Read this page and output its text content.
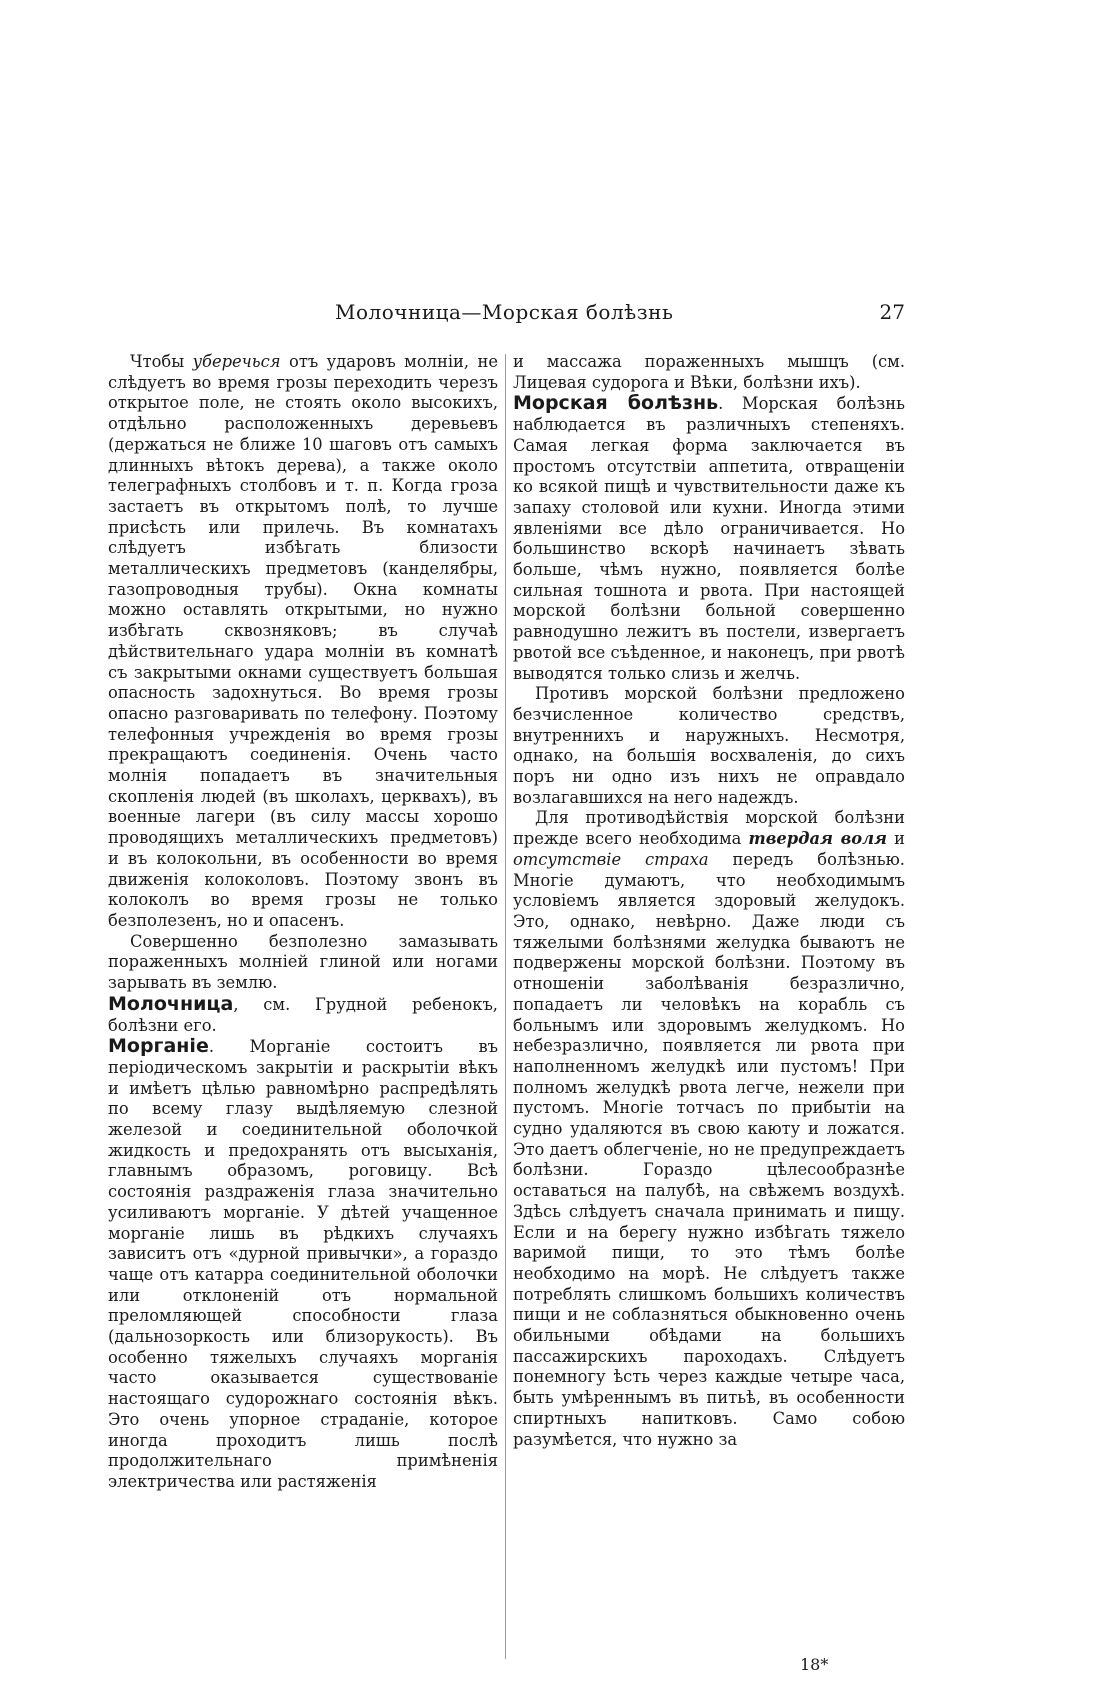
Молочница—Морская болѣзнь	27

Чтобы уберечься отъ ударовъ молніи, не слѣдуетъ во время грозы переходить черезъ открытое поле, не стоять около высокихъ, отдѣльно расположенныхъ деревьевъ (держаться не ближе 10 шаговъ отъ самыхъ длинныхъ вѣтокъ дерева), а также около телеграфныхъ столбовъ и т. п. Когда гроза застаетъ въ открытомъ полѣ, то лучше присѣсть или прилечь. Въ комнатахъ слѣдуетъ избѣгать близости металлическихъ предметовъ (канделябры, газопроводныя трубы). Окна комнаты можно оставлять открытыми, но нужно избѣгать сквозняковъ; въ случаѣ дѣйствительнаго удара молніи въ комнатѣ съ закрытыми окнами существуетъ большая опасность задохнуться. Во время грозы опасно разговаривать по телефону. Поэтому телефонныя учрежденія во время грозы прекращаютъ соединенія. Очень часто молнія попадаетъ въ значительныя скопленія людей (въ школахъ, церквахъ), въ военные лагери (въ силу массы хорошо проводящихъ металлическихъ предметовъ) и въ колокольни, въ особенности во время движенія колоколовъ. Поэтому звонъ въ колоколъ во время грозы не только безполезенъ, но и опасенъ.

Совершенно безполезно замазывать пораженныхъ молніей глиной или ногами зарывать въ землю.

Молочница, см. Грудной ребенокъ, болѣзни его.

Морганіе. Морганіе состоитъ въ періодическомъ закрытіи и раскрытіи вѣкъ и имѣетъ цѣлью равномѣрно распредѣлять по всему глазу выдѣляемую слезной железой и соединительной оболочкой жидкость и предохранять отъ высыханія, главнымъ образомъ, роговицу. Всѣ состоянія раздраженія глаза значительно усиливаютъ морганіе. У дѣтей учащенное морганіе лишь въ рѣдкихъ случаяхъ зависитъ отъ «дурной привычки», а гораздо чаще отъ катарра соединительной оболочки или отклоненій отъ нормальной преломляющей способности глаза (дальнозоркость или близорукость). Въ особенно тяжелыхъ случаяхъ морганія часто оказывается существованіе настоящаго судорожнаго состоянія вѣкъ. Это очень упорное страданіе, которое иногда проходитъ лишь послѣ продолжительнаго примѣненія электричества или растяженія

и массажа пораженныхъ мышцъ (см. Лицевая судорога и Вѣки, болѣзни ихъ).

Морская болѣзнь. Морская болѣзнь наблюдается въ различныхъ степеняхъ. Самая легкая форма заключается въ простомъ отсутствіи аппетита, отвращеніи ко всякой пищѣ и чувствительности даже къ запаху столовой или кухни. Иногда этими явленіями все дѣло ограничивается. Но большинство вскорѣ начинаетъ зѣвать больше, чѣмъ нужно, появляется болѣе сильная тошнота и рвота. При настоящей морской болѣзни больной совершенно равнодушно лежитъ въ постели, извергаетъ рвотой все съѣденное, и наконецъ, при рвотѣ выводятся только слизь и желчь.

Противъ морской болѣзни предложено безчисленное количество средствъ, внутреннихъ и наружныхъ. Несмотря, однако, на большія восхваленія, до сихъ поръ ни одно изъ нихъ не оправдало возлагавшихся на него надеждъ.

Для противодѣйствія морской болѣзни прежде всего необходима твердая воля и отсутствіе страха передъ болѣзнью. Многіе думаютъ, что необходимымъ условіемъ является здоровый желудокъ. Это, однако, невѣрно. Даже люди съ тяжелыми болѣзнями желудка бываютъ не подвержены морской болѣзни. Поэтому въ отношеніи заболѣванія безразлично, попадаетъ ли человѣкъ на корабль съ больнымъ или здоровымъ желудкомъ. Но небезразлично, появляется ли рвота при наполненномъ желудкѣ или пустомъ! При полномъ желудкѣ рвота легче, нежели при пустомъ. Многіе тотчасъ по прибытіи на судно удаляются въ свою каюту и ложатся. Это даетъ облегченіе, но не предупреждаетъ болѣзни. Гораздо цѣлесообразнѣе оставаться на палубѣ, на свѣжемъ воздухѣ. Здѣсь слѣдуетъ сначала принимать и пищу. Если и на берегу нужно избѣгать тяжело варимой пищи, то это тѣмъ болѣе необходимо на морѣ. Не слѣдуетъ также потреблять слишкомъ большихъ количествъ пищи и не соблазняться обыкновенно очень обильными обѣдами на большихъ пассажирскихъ пароходахъ. Слѣдуетъ понемногу ѣсть через каждые четыре часа, быть умѣреннымъ въ питьѣ, въ особенности спиртныхъ напитковъ. Само собою разумѣется, что нужно за

18*
